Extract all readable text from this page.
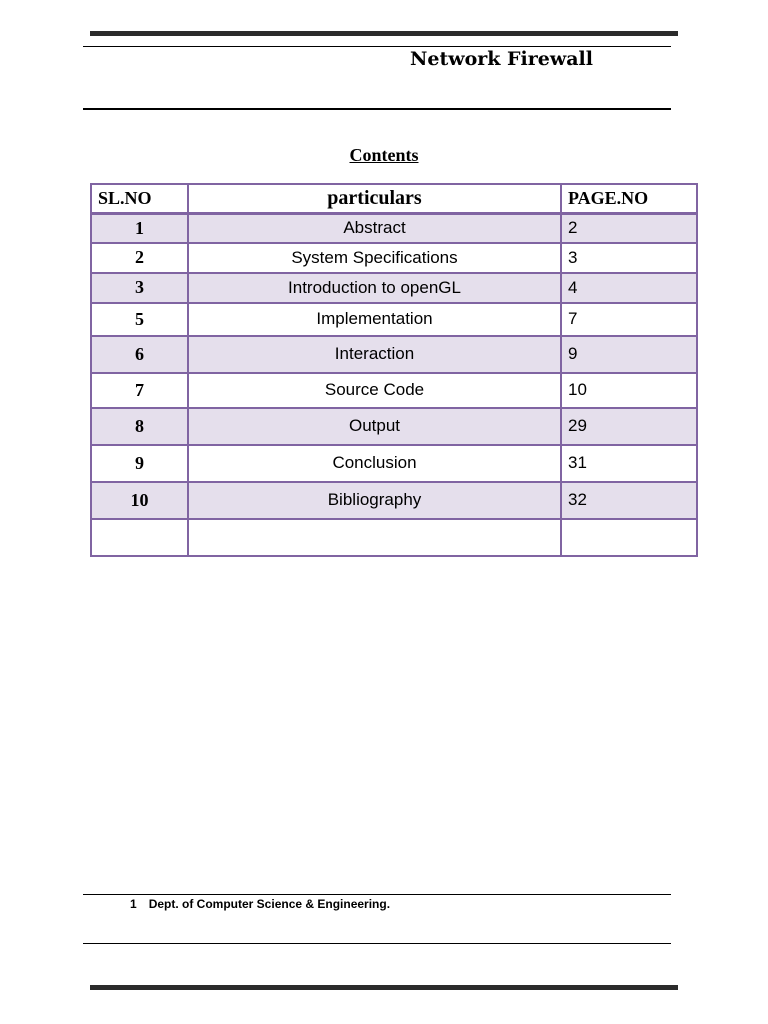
Network Firewall
Contents
SL.NO	particulars	PAGE.NO
1	Abstract	2
2	System Specifications	3
3	Introduction to openGL	4
5	Implementation	7
6	Interaction	9
7	Source Code	10
8	Output	29
9	Conclusion	31
10	Bibliography	32

1 Dept. of Computer Science & Engineering.
